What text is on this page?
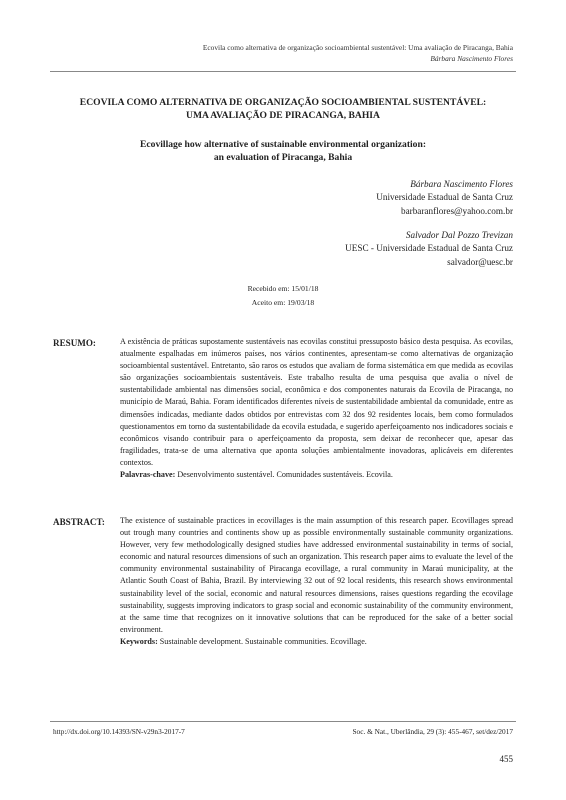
Ecovila como alternativa de organização socioambiental sustentável: Uma avaliação de Piracanga, Bahia
Bárbara Nascimento Flores
ECOVILA COMO ALTERNATIVA DE ORGANIZAÇÃO SOCIOAMBIENTAL SUSTENTÁVEL:
UMA AVALIAÇÃO DE PIRACANGA, BAHIA
Ecovillage how alternative of sustainable environmental organization:
an evaluation of Piracanga, Bahia
Bárbara Nascimento Flores
Universidade Estadual de Santa Cruz
barbaranflores@yahoo.com.br
Salvador Dal Pozzo Trevizan
UESC - Universidade Estadual de Santa Cruz
salvador@uesc.br
Recebido em: 15/01/18
Aceito em: 19/03/18
RESUMO:	A existência de práticas supostamente sustentáveis nas ecovilas constitui pressuposto básico desta pesquisa. As ecovilas, atualmente espalhadas em inúmeros países, nos vários continentes, apresentam-se como alternativas de organização socioambiental sustentável. Entretanto, são raros os estudos que avaliam de forma sistemática em que medida as ecovilas são organizações socioambientais sustentáveis. Este trabalho resulta de uma pesquisa que avalia o nível de sustentabilidade ambiental nas dimensões social, econômica e dos componentes naturais da Ecovila de Piracanga, no município de Maraú, Bahia. Foram identificados diferentes níveis de sustentabilidade ambiental da comunidade, entre as dimensões indicadas, mediante dados obtidos por entrevistas com 32 dos 92 residentes locais, bem como formulados questionamentos em torno da sustentabilidade da ecovila estudada, e sugerido aperfeiçoamento nos indicadores sociais e econômicos visando contribuir para o aperfeiçoamento da proposta, sem deixar de reconhecer que, apesar das fragilidades, trata-se de uma alternativa que aponta soluções ambientalmente inovadoras, aplicáveis em diferentes contextos.
Palavras-chave: Desenvolvimento sustentável. Comunidades sustentáveis. Ecovila.
ABSTRACT: The existence of sustainable practices in ecovillages is the main assumption of this research paper. Ecovillages spread out trough many countries and continents show up as possible environmentally sustainable community organizations. However, very few methodologically designed studies have addressed environmental sustainability in terms of social, economic and natural resources dimensions of such an organization. This research paper aims to evaluate the level of the community environmental sustainability of Piracanga ecovillage, a rural community in Maraú municipality, at the Atlantic South Coast of Bahia, Brazil. By interviewing 32 out of 92 local residents, this research shows environmental sustainability level of the social, economic and natural resources dimensions, raises questions regarding the ecovilage sustainability, suggests improving indicators to grasp social and economic sustainability of the community environment, at the same time that recognizes on it innovative solutions that can be reproduced for the sake of a better social environment.
Keywords: Sustainable development. Sustainable communities. Ecovillage.
http://dx.doi.org/10.14393/SN-v29n3-2017-7	Soc. & Nat., Uberlândia, 29 (3): 455-467, set/dez/2017
455
